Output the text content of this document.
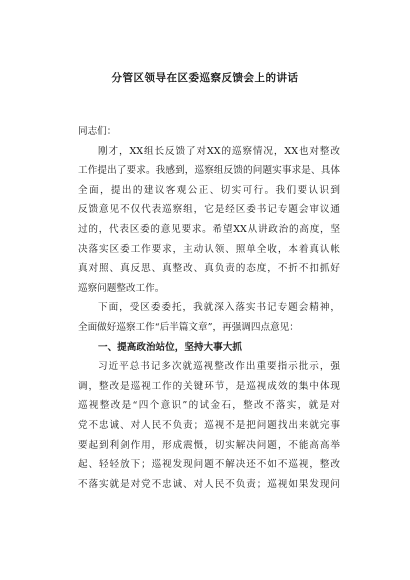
分管区领导在区委巡察反馈会上的讲话
同志们：
刚才，XX组长反馈了对XX的巡察情况，XX也对整改
工作提出了要求。我感到，巡察组反馈的问题实事求是、具体
全面，提出的建议客观公正、切实可行。我们要认识到
反馈意见不仅代表巡察组，它是经区委书记专题会审议通
过的，代表区委的意见要求。希望XX从讲政治的高度，坚
决落实区委工作要求，主动认领、照单全收，本着真认帐
真对照、真反思、真整改、真负责的态度，不折不扣抓好
巡察问题整改工作。
下面，受区委委托，我就深入落实书记专题会精神，
全面做好巡察工作“后半篇文章”，再强调四点意见：
一、提高政治站位，坚持大事大抓
习近平总书记多次就巡视整改作出重要指示批示，强
调，整改是巡视工作的关键环节，是巡视成效的集中体现
巡视整改是“四个意识”的试金石，整改不落实，就是对
党不忠诚、对人民不负责；巡视不是把问题找出来就完事
要起到利剑作用，形成震慑，切实解决问题，不能高高举
起、轻轻放下；巡视发现问题不解决还不如不巡视，整改
不落实就是对党不忠诚、对人民不负责；巡视如果发现问
